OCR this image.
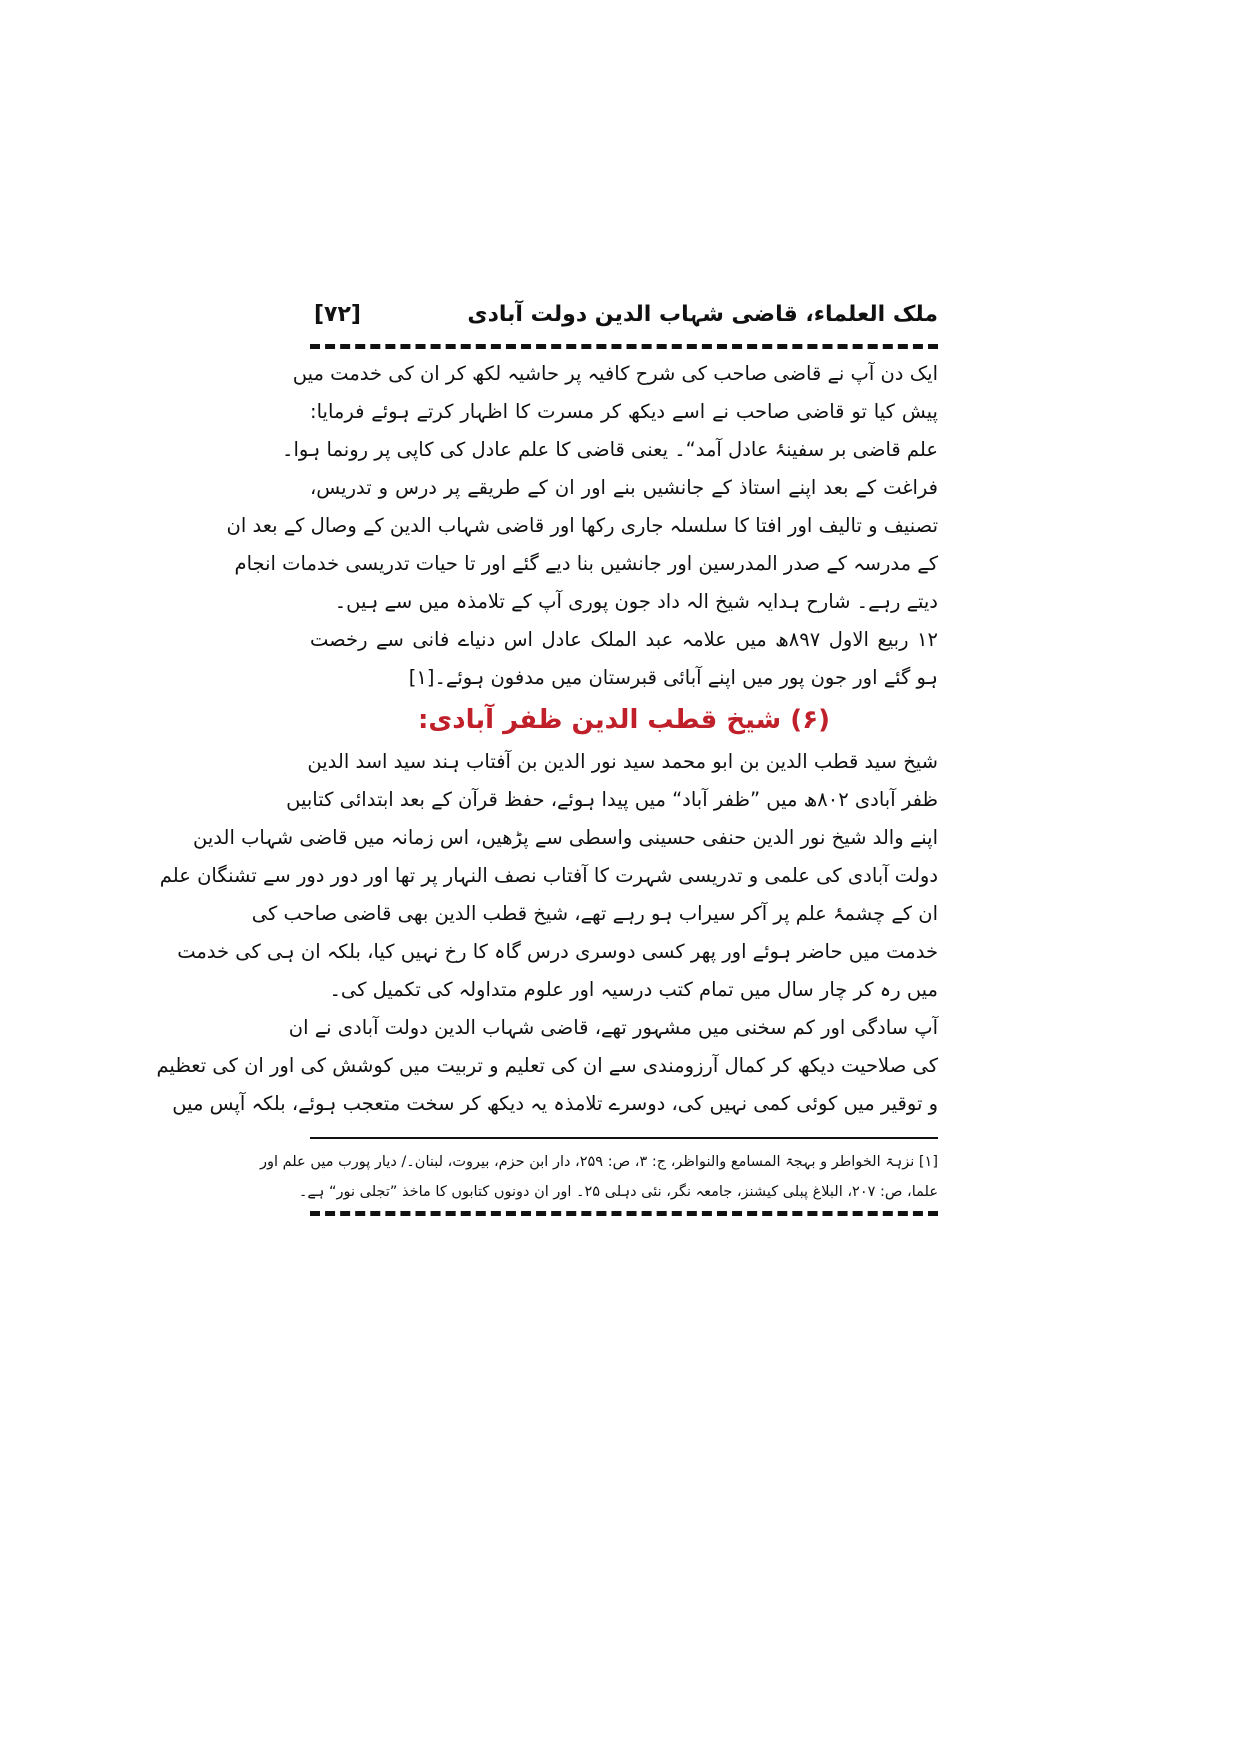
ملک العلماء، قاضی شہاب الدین دولت آبادی
[۷۲]
ایک دن آپ نے قاضی صاحب کی شرح کافیہ پر حاشیہ لکھ کر ان کی خدمت میں
پیش کیا تو قاضی صاحب نے اسے دیکھ کر مسرت کا اظہار کرتے ہوئے فرمایا:
علم قاضی بر سفینۂ عادل آمد“۔ یعنی قاضی کا علم عادل کی کاپی پر رونما ہوا۔
فراغت کے بعد اپنے استاذ کے جانشیں بنے اور ان کے طریقے پر درس و تدریس،
تصنیف و تالیف اور افتا کا سلسلہ جاری رکھا اور قاضی شہاب الدین کے وصال کے بعد ان
کے مدرسہ کے صدر المدرسین اور جانشیں بنا دیے گئے اور تا حیات تدریسی خدمات انجام
دیتے رہے۔ شارح ہدایہ شیخ الہ داد جون پوری آپ کے تلامذہ میں سے ہیں۔
۱۲ ربیع الاول ۸۹۷ھ میں علامہ عبد الملک عادل اس دنیاے فانی سے رخصت
ہو گئے اور جون پور میں اپنے آبائی قبرستان میں مدفون ہوئے۔[۱]
(۶) شیخ قطب الدین ظفر آبادی:
شیخ سید قطب الدین بن ابو محمد سید نور الدین بن آفتاب ہند سید اسد الدین
ظفر آبادی ۸۰۲ھ میں ”ظفر آباد“ میں پیدا ہوئے، حفظ قرآن کے بعد ابتدائی کتابیں
اپنے والد شیخ نور الدین حنفی حسینی واسطی سے پڑھیں، اس زمانہ میں قاضی شہاب الدین
دولت آبادی کی علمی و تدریسی شہرت کا آفتاب نصف النہار پر تھا اور دور دور سے تشنگان علم
ان کے چشمۂ علم پر آکر سیراب ہو رہے تھے، شیخ قطب الدین بھی قاضی صاحب کی
خدمت میں حاضر ہوئے اور پھر کسی دوسری درس گاہ کا رخ نہیں کیا، بلکہ ان ہی کی خدمت
میں رہ کر چار سال میں تمام کتب درسیہ اور علوم متداولہ کی تکمیل کی۔
آپ سادگی اور کم سخنی میں مشہور تھے، قاضی شہاب الدین دولت آبادی نے ان
کی صلاحیت دیکھ کر کمال آرزومندی سے ان کی تعلیم و تربیت میں کوشش کی اور ان کی تعظیم
و توقیر میں کوئی کمی نہیں کی، دوسرے تلامذہ یہ دیکھ کر سخت متعجب ہوئے، بلکہ آپس میں
[۱] نزہۃ الخواطر و بہجۃ المسامع والنواظر، ج: ۳، ص: ۲۵۹، دار ابن حزم، بیروت، لبنان۔/ دیار پورب میں علم اور
علما، ص: ۲۰۷، البلاغ پبلی کیشنز، جامعہ نگر، نئی دہلی ۲۵۔ اور ان دونوں کتابوں کا ماخذ ”تجلی نور“ ہے۔
